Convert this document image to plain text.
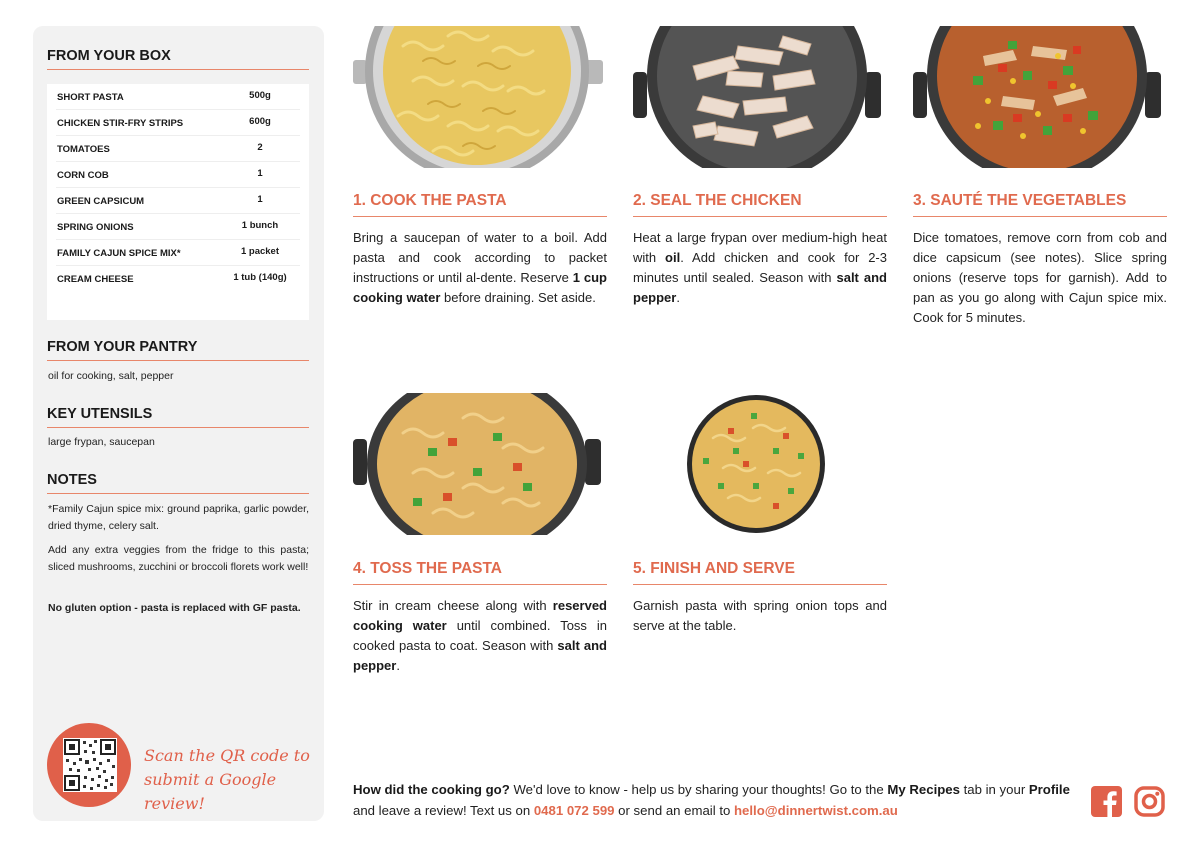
FROM YOUR BOX
SHORT PASTA	500g
CHICKEN STIR-FRY STRIPS	600g
TOMATOES	2
CORN COB	1
GREEN CAPSICUM	1
SPRING ONIONS	1 bunch
FAMILY CAJUN SPICE MIX*	1 packet
CREAM CHEESE	1 tub (140g)
FROM YOUR PANTRY
oil for cooking, salt, pepper
KEY UTENSILS
large frypan, saucepan
NOTES
*Family Cajun spice mix: ground paprika, garlic powder, dried thyme, celery salt.
Add any extra veggies from the fridge to this pasta; sliced mushrooms, zucchini or broccoli florets work well!
No gluten option - pasta is replaced with GF pasta.
Scan the QR code to submit a Google review!
1. COOK THE PASTA
Bring a saucepan of water to a boil. Add pasta and cook according to packet instructions or until al-dente. Reserve 1 cup cooking water before draining. Set aside.
2. SEAL THE CHICKEN
Heat a large frypan over medium-high heat with oil. Add chicken and cook for 2-3 minutes until sealed. Season with salt and pepper.
3. SAUTÉ THE VEGETABLES
Dice tomatoes, remove corn from cob and dice capsicum (see notes). Slice spring onions (reserve tops for garnish). Add to pan as you go along with Cajun spice mix. Cook for 5 minutes.
4. TOSS THE PASTA
Stir in cream cheese along with reserved cooking water until combined. Toss in cooked pasta to coat. Season with salt and pepper.
5. FINISH AND SERVE
Garnish pasta with spring onion tops and serve at the table.
How did the cooking go? We'd love to know - help us by sharing your thoughts! Go to the My Recipes tab in your Profile and leave a review! Text us on 0481 072 599 or send an email to hello@dinnertwist.com.au
